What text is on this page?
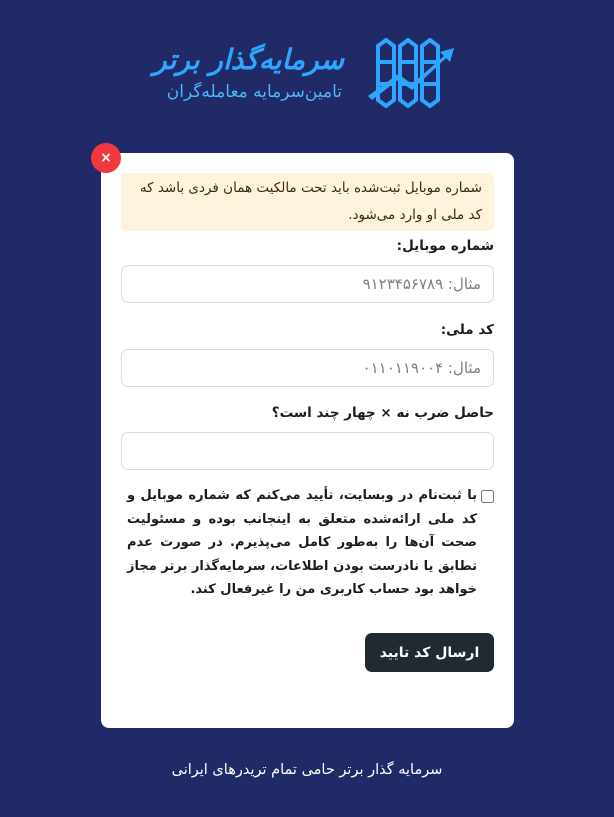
سرمایه‌گذار برتر
تامین‌سرمایه معامله‌گران
×
شماره موبایل ثبت‌شده باید تحت مالکیت همان فردی باشد که کد ملی او وارد می‌شود.
شماره موبایل:
مثال: ۹۱۲۳۴۵۶۷۸۹
کد ملی:
مثال: ۰۱۱۰۱۱۹۰۰۴
حاصل ضرب نه × چهار چند است؟
با ثبت‌نام در وبسایت، تأیید می‌کنم که شماره موبایل و کد ملی ارائه‌شده متعلق به اینجانب بوده و مسئولیت صحت آن‌ها را به‌طور کامل می‌پذیرم. در صورت عدم تطابق یا نادرست بودن اطلاعات، سرمایه‌گذار برتر مجاز خواهد بود حساب کاربری من را غیرفعال کند.
ارسال کد تایید
سرمایه گذار برتر حامی تمام تریدرهای ایرانی
